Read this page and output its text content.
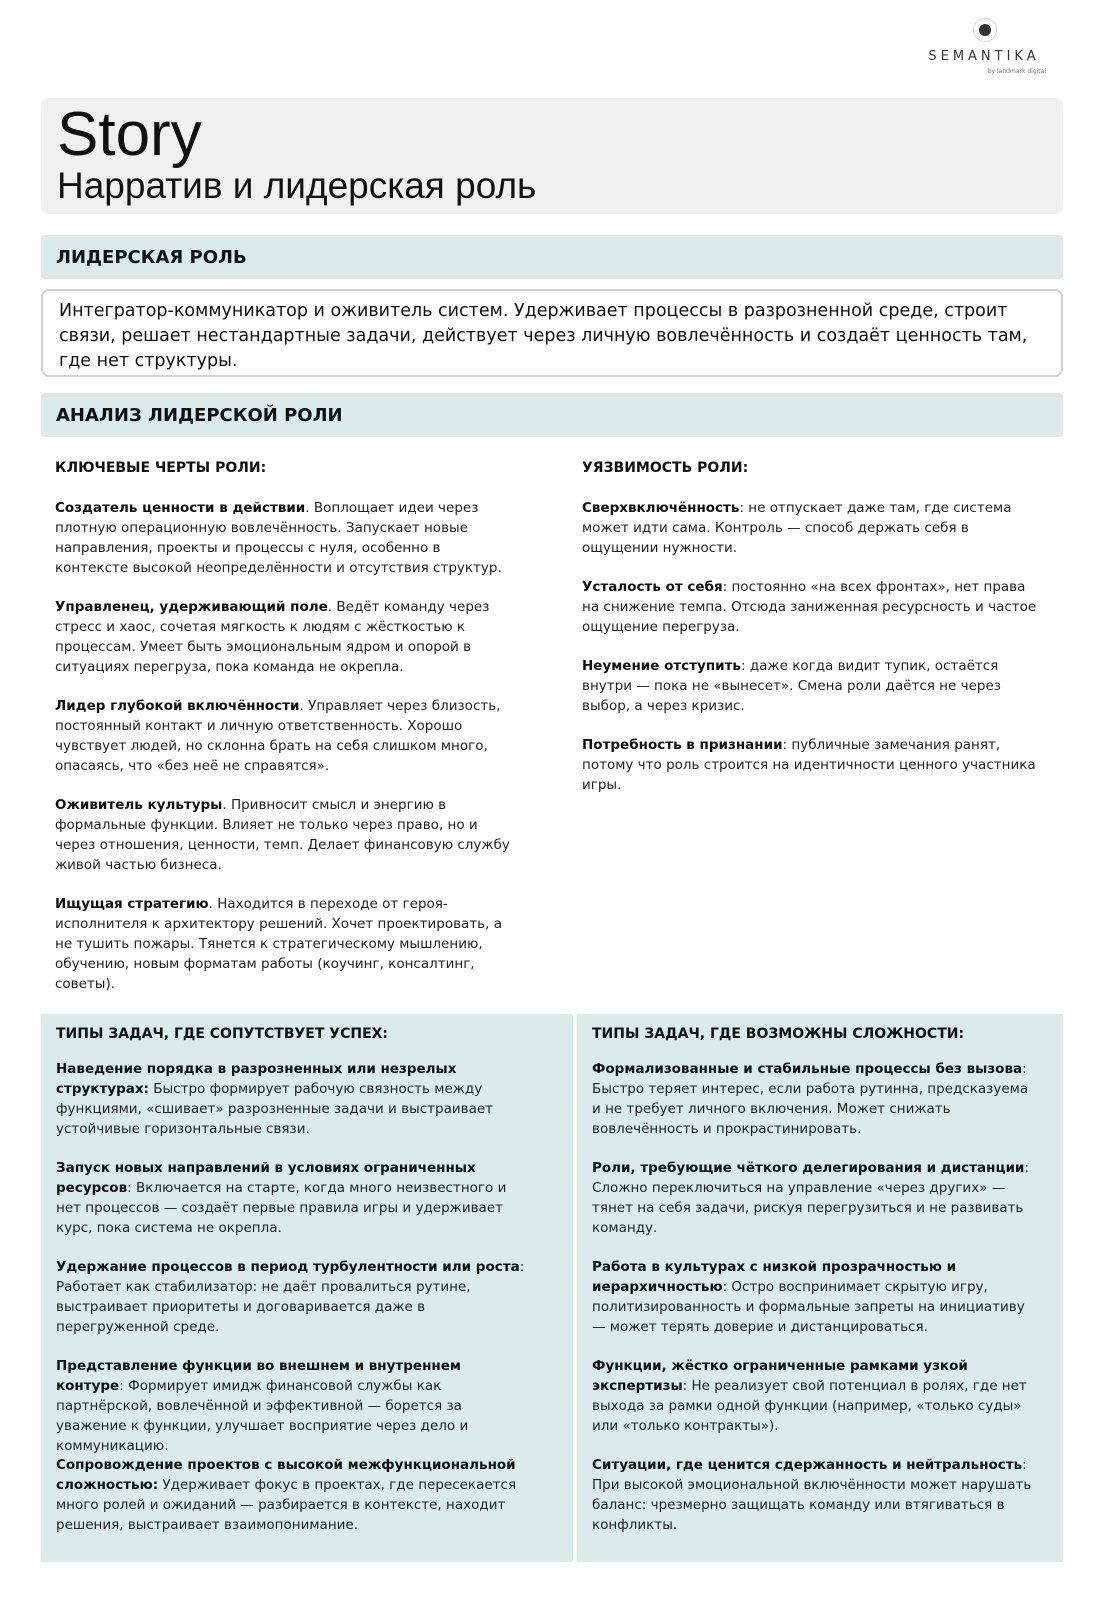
SEMANTIKA
by landmark digital
Story
Нарратив и лидерская роль
ЛИДЕРСКАЯ РОЛЬ

Интегратор-коммуникатор и оживитель систем. Удерживает процессы в разрозненной среде, строит связи, решает нестандартные задачи, действует через личную вовлечённость и создаёт ценность там, где нет структуры.

АНАЛИЗ ЛИДЕРСКОЙ РОЛИ
КЛЮЧЕВЫЕ ЧЕРТЫ РОЛИ:
Создатель ценности в действии. Воплощает идеи через плотную операционную вовлечённость. Запускает новые направления, проекты и процессы с нуля, особенно в контексте высокой неопределённости и отсутствия структур.
Управленец, удерживающий поле. Ведёт команду через стресс и хаос, сочетая мягкость к людям с жёсткостью к процессам. Умеет быть эмоциональным ядром и опорой в ситуациях перегруза, пока команда не окрепла.
Лидер глубокой включённости. Управляет через близость, постоянный контакт и личную ответственность. Хорошо чувствует людей, но склонна брать на себя слишком много, опасаясь, что «без неё не справятся».
Оживитель культуры. Привносит смысл и энергию в формальные функции. Влияет не только через право, но и через отношения, ценности, темп. Делает финансовую службу живой частью бизнеса.
Ищущая стратегию. Находится в переходе от героя-исполнителя к архитектору решений. Хочет проектировать, а не тушить пожары. Тянется к стратегическому мышлению, обучению, новым форматам работы (коучинг, консалтинг, советы).
УЯЗВИМОСТЬ РОЛИ:
Сверхвключённость: не отпускает даже там, где система может идти сама. Контроль — способ держать себя в ощущении нужности.
Усталость от себя: постоянно «на всех фронтах», нет права на снижение темпа. Отсюда заниженная ресурсность и частое ощущение перегруза.
Неумение отступить: даже когда видит тупик, остаётся внутри — пока не «вынесет». Смена роли даётся не через выбор, а через кризис.
Потребность в признании: публичные замечания ранят, потому что роль строится на идентичности ценного участника игры.
ТИПЫ ЗАДАЧ, ГДЕ СОПУТСТВУЕТ УСПЕХ:
Наведение порядка в разрозненных или незрелых структурах: Быстро формирует рабочую связность между функциями, «сшивает» разрозненные задачи и выстраивает устойчивые горизонтальные связи.
Запуск новых направлений в условиях ограниченных ресурсов: Включается на старте, когда много неизвестного и нет процессов — создаёт первые правила игры и удерживает курс, пока система не окрепла.
Удержание процессов в период турбулентности или роста: Работает как стабилизатор: не даёт провалиться рутине, выстраивает приоритеты и договаривается даже в перегруженной среде.
Представление функции во внешнем и внутреннем контуре: Формирует имидж финансовой службы как партнёрской, вовлечённой и эффективной — борется за уважение к функции, улучшает восприятие через дело и коммуникацию.
Сопровождение проектов с высокой межфункциональной сложностью: Удерживает фокус в проектах, где пересекается много ролей и ожиданий — разбирается в контексте, находит решения, выстраивает взаимопонимание.
ТИПЫ ЗАДАЧ, ГДЕ ВОЗМОЖНЫ СЛОЖНОСТИ:
Формализованные и стабильные процессы без вызова: Быстро теряет интерес, если работа рутинна, предсказуема и не требует личного включения. Может снижать вовлечённость и прокрастинировать.
Роли, требующие чёткого делегирования и дистанции: Сложно переключиться на управление «через других» — тянет на себя задачи, рискуя перегрузиться и не развивать команду.
Работа в культурах с низкой прозрачностью и иерархичностью: Остро воспринимает скрытую игру, политизированность и формальные запреты на инициативу — может терять доверие и дистанцироваться.
Функции, жёстко ограниченные рамками узкой экспертизы: Не реализует свой потенциал в ролях, где нет выхода за рамки одной функции (например, «только суды» или «только контракты»).
Ситуации, где ценится сдержанность и нейтральность: При высокой эмоциональной включённости может нарушать баланс: чрезмерно защищать команду или втягиваться в конфликты.
